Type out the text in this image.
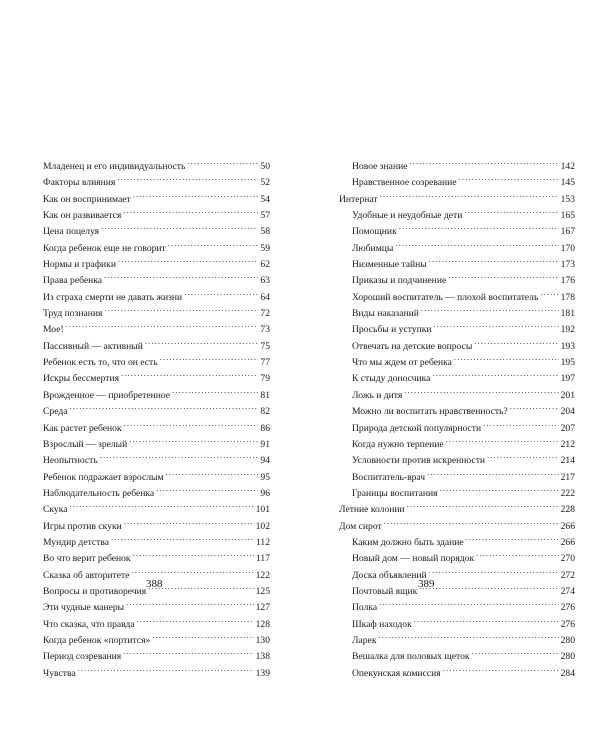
Младенец и его индивидуальность . . .	50
Факторы влияния . . .	52
Как он воспринимает . . .	54
Как он развивается . . .	57
Цена поцелуя . . .	58
Когда ребенок еще не говорит . . .	59
Нормы и графики . . .	62
Права ребенка . . .	63
Из страха смерти не давать жизни . . .	64
Труд познания . . .	72
Мое! . . .	73
Пассивный — активный . . .	75
Ребенок есть то, что он есть . . .	77
Искры бессмертия . . .	79
Врожденное — приобретенное . . .	81
Среда . . .	82
Как растет ребенок . . .	86
Взрослый — зрелый . . .	91
Неопытность . . .	94
Ребенок подражает взрослым . . .	95
Наблюдательность ребенка . . .	96
Скука . . .	101
Игры против скуки . . .	102
Мундир детства . . .	112
Во что верит ребенок . . .	117
Сказка об авторитете . . .	122
Вопросы и противоречия . . .	125
Эти чудные манеры . . .	127
Что сказка, что правда . . .	128
Когда ребенок «портится» . . .	130
Период созревания . . .	138
Чувства . . .	139
Новое знание . . .	142
Нравственное созревание . . .	145
Интернат . . .	153
Удобные и неудобные дети . . .	165
Помощник . . .	167
Любимцы . . .	170
Низменные тайны . . .	173
Приказы и подчинение . . .	176
Хороший воспитатель — плохой воспитатель . . . 178
Виды наказаний . . .	181
Просьбы и уступки . . .	192
Отвечать на детские вопросы . . .	193
Что мы ждем от ребенка . . .	195
К стыду доносчика . . .	197
Ложь и дитя . . .	201
Можно ли воспитать нравственность? . . .	204
Природа детской популярности . . .	207
Когда нужно терпение . . .	212
Условности против искренности . . .	214
Воспитатель-врач . . .	217
Границы воспитания . . .	222
Летние колонии . . .	228
Дом сирот . . .	266
Каким должно быть здание . . .	266
Новый дом — новый порядок . . .	270
Доска объявлений . . .	272
Почтовый ящик . . .	274
Полка . . .	276
Шкаф находок . . .	276
Ларек . . .	280
Вешалка для половых щеток . . .	280
Опекунская комиссия . . .	284
388	389
